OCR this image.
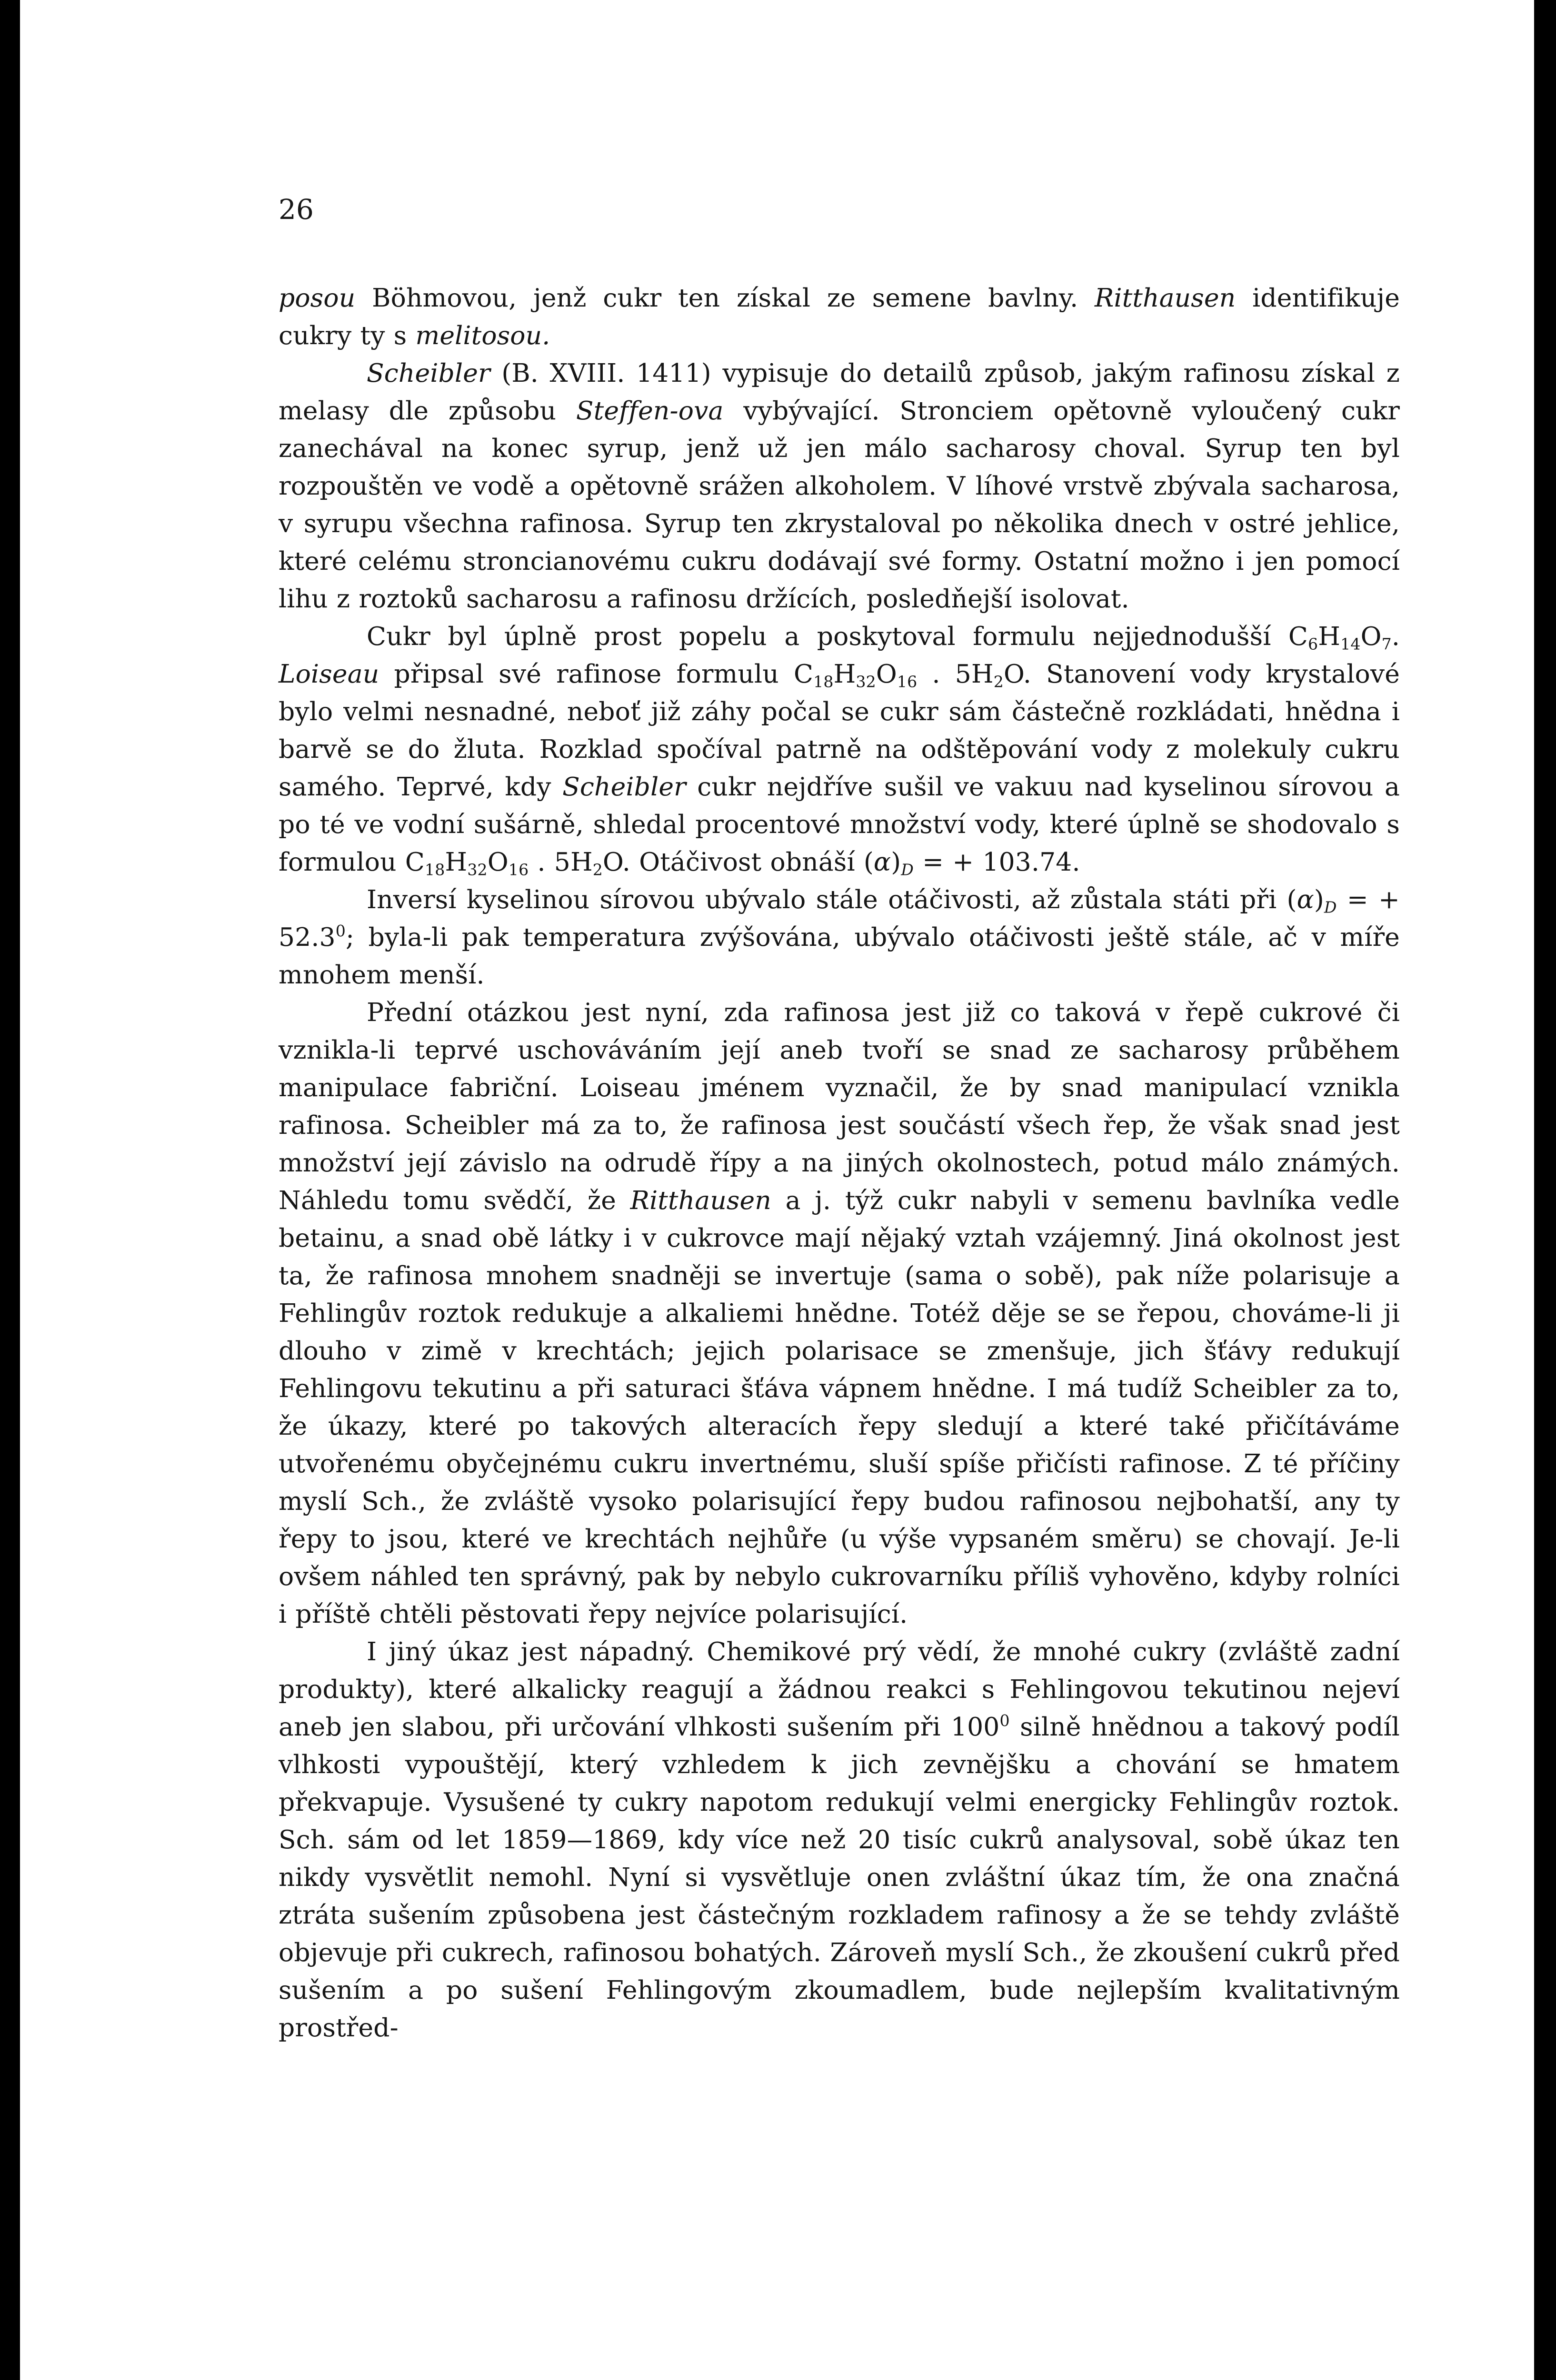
26

posou Böhmovou, jenž cukr ten získal ze semene bavlny. Ritthausen identifikuje cukry ty s melitosou.

Scheibler (B. XVIII. 1411) vypisuje do detailů způsob, jakým rafinosu získal z melasy dle způsobu Steffen-ova vybývající. Stronciem opětovně vyloučený cukr zanechával na konec syrup, jenž už jen málo sacharosy choval. Syrup ten byl rozpouštěn ve vodě a opětovně srážen alkoholem. V líhové vrstvě zbývala sacharosa, v syrupu všechna rafinosa. Syrup ten zkrystaloval po několika dnech v ostré jehlice, které celému stroncianovému cukru dodávají své formy. Ostatní možno i jen pomocí lihu z roztoků sacharosu a rafinosu držících, posledňejší isolovat.

Cukr byl úplně prost popelu a poskytoval formulu nejjednodušší $C_6H_{14}O_7$. Loiseau připsal své rafinose formulu $C_{18}H_{32}O_{16}$ . $5H_2O$. Stanovení vody krystalové bylo velmi nesnadné, neboť již záhy počal se cukr sám částečně rozkládati, hnědna i barvě se do žluta. Rozklad spočíval patrně na odštěpování vody z molekuly cukru samého. Teprvé, kdy Scheibler cukr nejdříve sušil ve vakuu nad kyselinou sírovou a po té ve vodní sušárně, shledal procentové množství vody, které úplně se shodovalo s formulou $C_{18}H_{32}O_{16}$ . $5H_2O$. Otáčivost obnáší $(\alpha)_D$ = + 103.74.

Inversí kyselinou sírovou ubývalo stále otáčivosti, až zůstala státi při $(\alpha)_D$ = + $52.3^0$; byla-li pak temperatura zvýšována, ubývalo otáčivosti ještě stále, ač v míře mnohem menší.

Přední otázkou jest nyní, zda rafinosa jest již co taková v řepě cukrové či vznikla-li teprvé uschováváním její aneb tvoří se snad ze sacharosy průběhem manipulace fabriční. Loiseau jménem vyznačil, že by snad manipulací vznikla rafinosa. Scheibler má za to, že rafinosa jest součástí všech řep, že však snad jest množství její závislo na odrudě řípy a na jiných okolnostech, potud málo známých. Náhledu tomu svědčí, že Ritthausen a j. týž cukr nabyli v semenu bavlníka vedle betainu, a snad obě látky i v cukrovce mají nějaký vztah vzájemný. Jiná okolnost jest ta, že rafinosa mnohem snadněji se invertuje (sama o sobě), pak níže polarisuje a Fehlingův roztok redukuje a alkaliemi hnědne. Totéž děje se se řepou, chováme-li ji dlouho v zimě v krechtách; jejich polarisace se zmenšuje, jich šťávy redukují Fehlingovu tekutinu a při saturaci šťáva vápnem hnědne. I má tudíž Scheibler za to, že úkazy, které po takových alteracích řepy sledují a které také přičítáváme utvořenému obyčejnému cukru invertnému, sluší spíše přičísti rafinose. Z té příčiny myslí Sch., že zvláště vysoko polarisující řepy budou rafinosou nejbohatší, any ty řepy to jsou, které ve krechtách nejhůře (u výše vypsaném směru) se chovají. Je-li ovšem náhled ten správný, pak by nebylo cukrovarníku příliš vyhověno, kdyby rolníci i příště chtěli pěstovati řepy nejvíce polarisující.

I jiný úkaz jest nápadný. Chemikové prý vědí, že mnohé cukry (zvláště zadní produkty), které alkalicky reagují a žádnou reakci s Fehlingovou tekutinou nejeví aneb jen slabou, při určování vlhkosti sušením při $100^0$ silně hnědnou a takový podíl vlhkosti vypouštějí, který vzhledem k jich zevnějšku a chování se hmatem překvapuje. Vysušené ty cukry napotom redukují velmi energicky Fehlingův roztok. Sch. sám od let 1859—1869, kdy více než 20 tisíc cukrů analysoval, sobě úkaz ten nikdy vysvětlit nemohl. Nyní si vysvětluje onen zvláštní úkaz tím, že ona značná ztráta sušením způsobena jest částečným rozkladem rafinosy a že se tehdy zvláště objevuje při cukrech, rafinosou bohatých. Zároveň myslí Sch., že zkoušení cukrů před sušením a po sušení Fehlingovým zkoumadlem, bude nejlepším kvalitativným prostřed-
